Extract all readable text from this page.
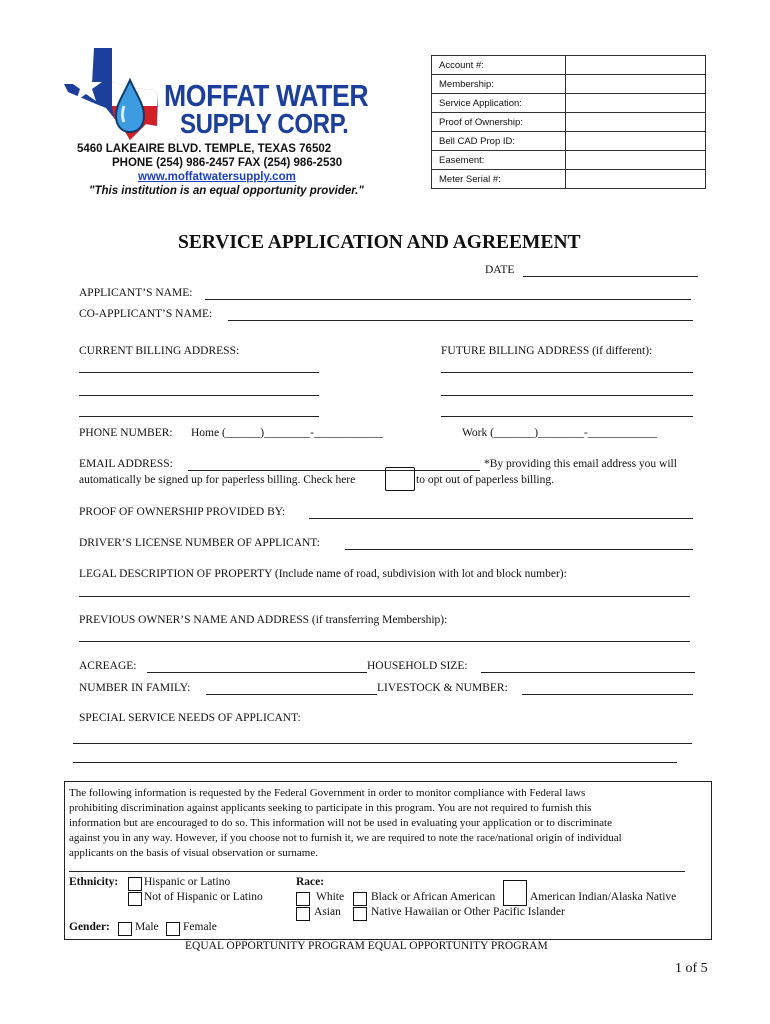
MOFFAT WATER
SUPPLY CORP.
5460 LAKEAIRE BLVD. TEMPLE, TEXAS 76502
PHONE (254) 986-2457 FAX (254) 986-2530
www.moffatwatersupply.com
"This institution is an equal opportunity provider."
Account #:	
Membership:	
Service Application:	
Proof of Ownership:	
Bell CAD Prop ID:	
Easement:	
Meter Serial #:	
SERVICE APPLICATION AND AGREEMENT
DATE
APPLICANT’S NAME:
CO-APPLICANT’S NAME:
CURRENT BILLING ADDRESS:	FUTURE BILLING ADDRESS (if different):
PHONE NUMBER: Home (______)________-____________	Work (_______)________-____________
EMAIL ADDRESS:	*By providing this email address you will
automatically be signed up for paperless billing. Check here	to opt out of paperless billing.
PROOF OF OWNERSHIP PROVIDED BY:
DRIVER’S LICENSE NUMBER OF APPLICANT:
LEGAL DESCRIPTION OF PROPERTY (Include name of road, subdivision with lot and block number):
PREVIOUS OWNER’S NAME AND ADDRESS (if transferring Membership):
ACREAGE:	HOUSEHOLD SIZE:
NUMBER IN FAMILY:	LIVESTOCK & NUMBER:
SPECIAL SERVICE NEEDS OF APPLICANT:
The following information is requested by the Federal Government in order to monitor compliance with Federal laws
prohibiting discrimination against applicants seeking to participate in this program. You are not required to furnish this
information but are encouraged to do so. This information will not be used in evaluating your application or to discriminate
against you in any way. However, if you choose not to furnish it, we are required to note the race/national origin of individual
applicants on the basis of visual observation or surname.
Ethnicity: Hispanic or Latino
Not of Hispanic or Latino
Race:
White Black or African American	American Indian/Alaska Native
Asian	Native Hawaiian or Other Pacific Islander
Gender: Male Female
EQUAL OPPORTUNITY PROGRAM EQUAL OPPORTUNITY PROGRAM
1 of 5
